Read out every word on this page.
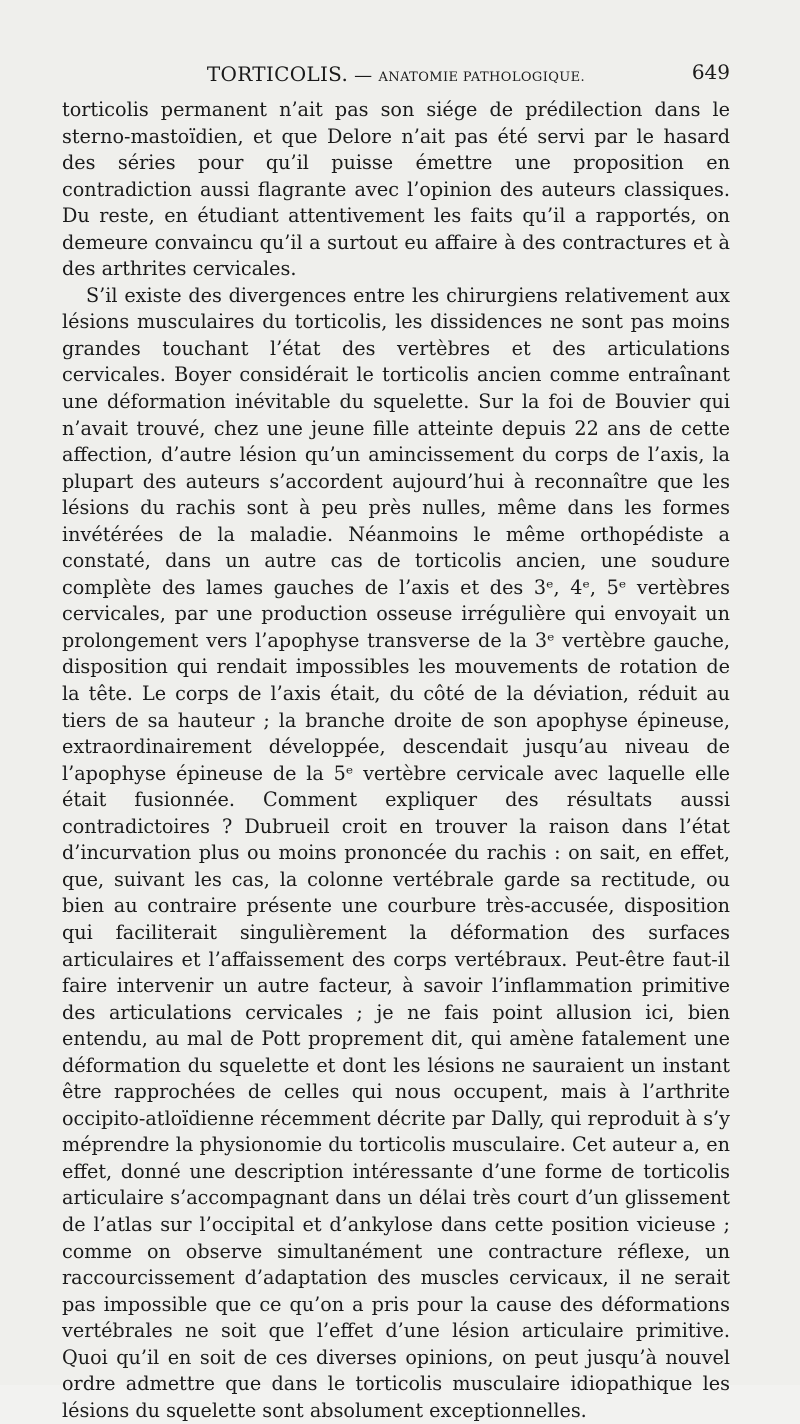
TORTICOLIS. — ANATOMIE PATHOLOGIQUE.	649

torticolis permanent n’ait pas son siége de prédilection dans le sterno-mastoïdien, et que Delore n’ait pas été servi par le hasard des séries pour qu’il puisse émettre une proposition en contradiction aussi flagrante avec l’opinion des auteurs classiques. Du reste, en étudiant attentivement les faits qu’il a rapportés, on demeure convaincu qu’il a surtout eu affaire à des contractures et à des arthrites cervicales.

S’il existe des divergences entre les chirurgiens relativement aux lésions musculaires du torticolis, les dissidences ne sont pas moins grandes touchant l’état des vertèbres et des articulations cervicales. Boyer considérait le torticolis ancien comme entraînant une déformation inévitable du squelette. Sur la foi de Bouvier qui n’avait trouvé, chez une jeune fille atteinte depuis 22 ans de cette affection, d’autre lésion qu’un amincissement du corps de l’axis, la plupart des auteurs s’accordent aujourd’hui à reconnaître que les lésions du rachis sont à peu près nulles, même dans les formes invétérées de la maladie. Néanmoins le même orthopédiste a constaté, dans un autre cas de torticolis ancien, une soudure complète des lames gauches de l’axis et des 3ᵉ, 4ᵉ, 5ᵉ vertèbres cervicales, par une production osseuse irrégulière qui envoyait un prolongement vers l’apophyse transverse de la 3ᵉ vertèbre gauche, disposition qui rendait impossibles les mouvements de rotation de la tête. Le corps de l’axis était, du côté de la déviation, réduit au tiers de sa hauteur ; la branche droite de son apophyse épineuse, extraordinairement développée, descendait jusqu’au niveau de l’apophyse épineuse de la 5ᵉ vertèbre cervicale avec laquelle elle était fusionnée. Comment expliquer des résultats aussi contradictoires ? Dubrueil croit en trouver la raison dans l’état d’incurvation plus ou moins prononcée du rachis : on sait, en effet, que, suivant les cas, la colonne vertébrale garde sa rectitude, ou bien au contraire présente une courbure très-accusée, disposition qui faciliterait singulièrement la déformation des surfaces articulaires et l’affaissement des corps vertébraux. Peut-être faut-il faire intervenir un autre facteur, à savoir l’inflammation primitive des articulations cervicales ; je ne fais point allusion ici, bien entendu, au mal de Pott proprement dit, qui amène fatalement une déformation du squelette et dont les lésions ne sauraient un instant être rapprochées de celles qui nous occupent, mais à l’arthrite occipito-atloïdienne récemment décrite par Dally, qui reproduit à s’y méprendre la physionomie du torticolis musculaire. Cet auteur a, en effet, donné une description intéressante d’une forme de torticolis articulaire s’accompagnant dans un délai très court d’un glissement de l’atlas sur l’occipital et d’ankylose dans cette position vicieuse ; comme on observe simultanément une contracture réflexe, un raccourcissement d’adaptation des muscles cervicaux, il ne serait pas impossible que ce qu’on a pris pour la cause des déformations vertébrales ne soit que l’effet d’une lésion articulaire primitive. Quoi qu’il en soit de ces diverses opinions, on peut jusqu’à nouvel ordre admettre que dans le torticolis musculaire idiopathique les lésions du squelette sont absolument exceptionnelles.
